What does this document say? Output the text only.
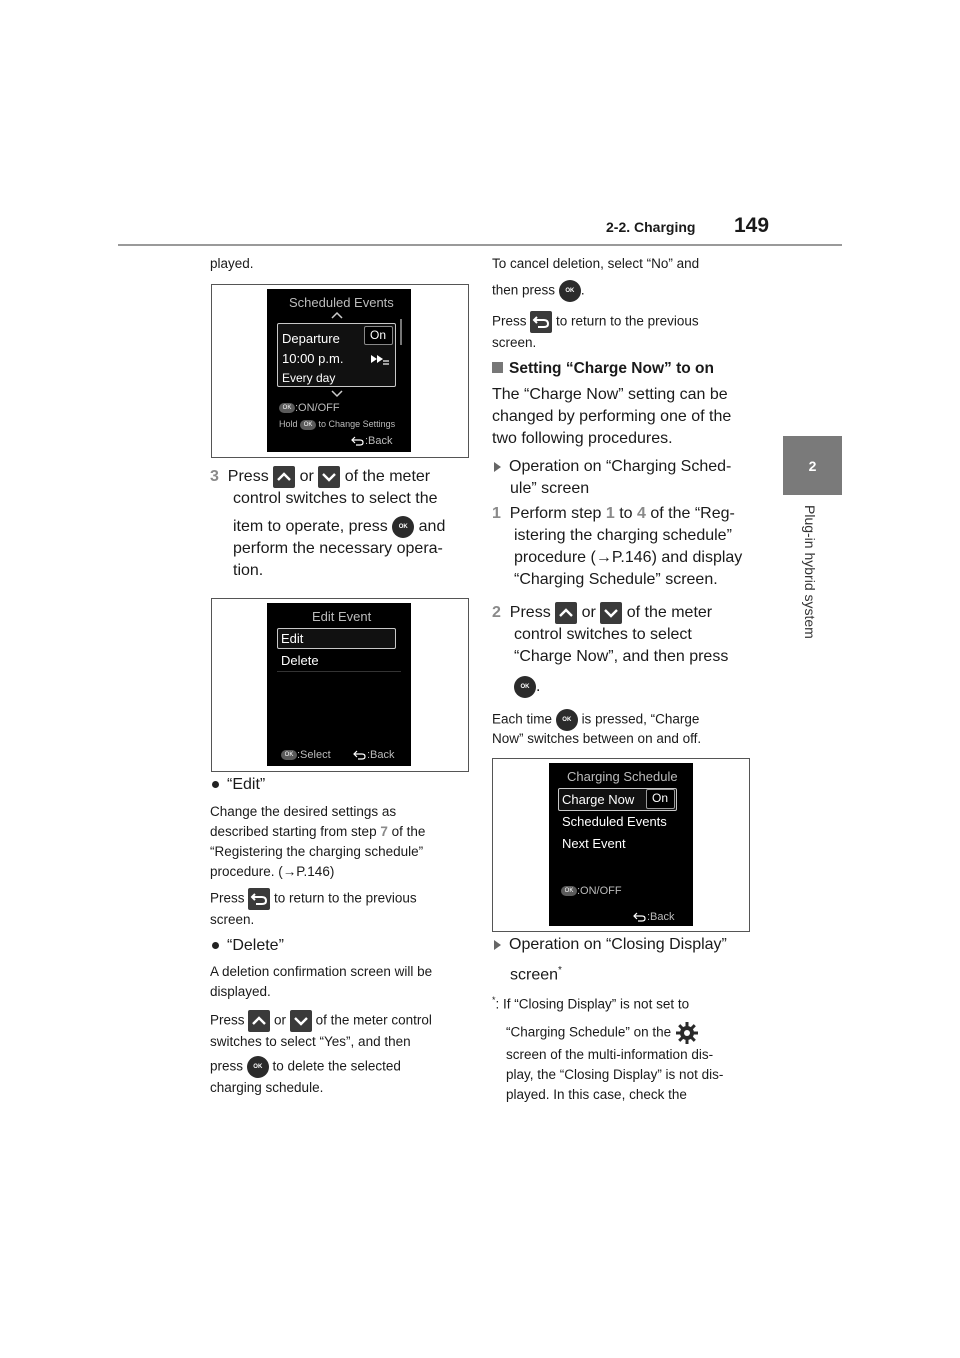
2-2. Charging 149
2
Plug-in hybrid system
played.
Scheduled Events
Departure
10:00 p.m.
Every day
On
OK :ON/OFF
Hold OK to Change Settings
:Back
3 Press or of the meter
control switches to select the
item to operate, press OK and
perform the necessary opera-
tion.
Edit Event
Edit
Delete
OK :Select	:Back
“Edit”
Change the desired settings as
described starting from step 7 of the
“Registering the charging schedule”
procedure. (→P.146)
Press to return to the previous
screen.
“Delete”
A deletion confirmation screen will be
displayed.
Press or of the meter control
switches to select “Yes”, and then
press OK to delete the selected
charging schedule.
To cancel deletion, select “No” and
then press OK .
Press to return to the previous
screen.
Setting “Charge Now” to on
The “Charge Now” setting can be
changed by performing one of the
two following procedures.
Operation on “Charging Sched-
ule” screen
1 Perform step 1 to 4 of the “Reg-
istering the charging schedule”
procedure (→P.146) and display
“Charging Schedule” screen.
2 Press or of the meter
control switches to select
“Charge Now”, and then press
OK .
Each time OK is pressed, “Charge
Now” switches between on and off.
Charging Schedule
Charge Now On
Scheduled Events
Next Event
OK :ON/OFF
:Back
Operation on “Closing Display”
screen*
*: If “Closing Display” is not set to
“Charging Schedule” on the
screen of the multi-information dis-
play, the “Closing Display” is not dis-
played. In this case, check the
